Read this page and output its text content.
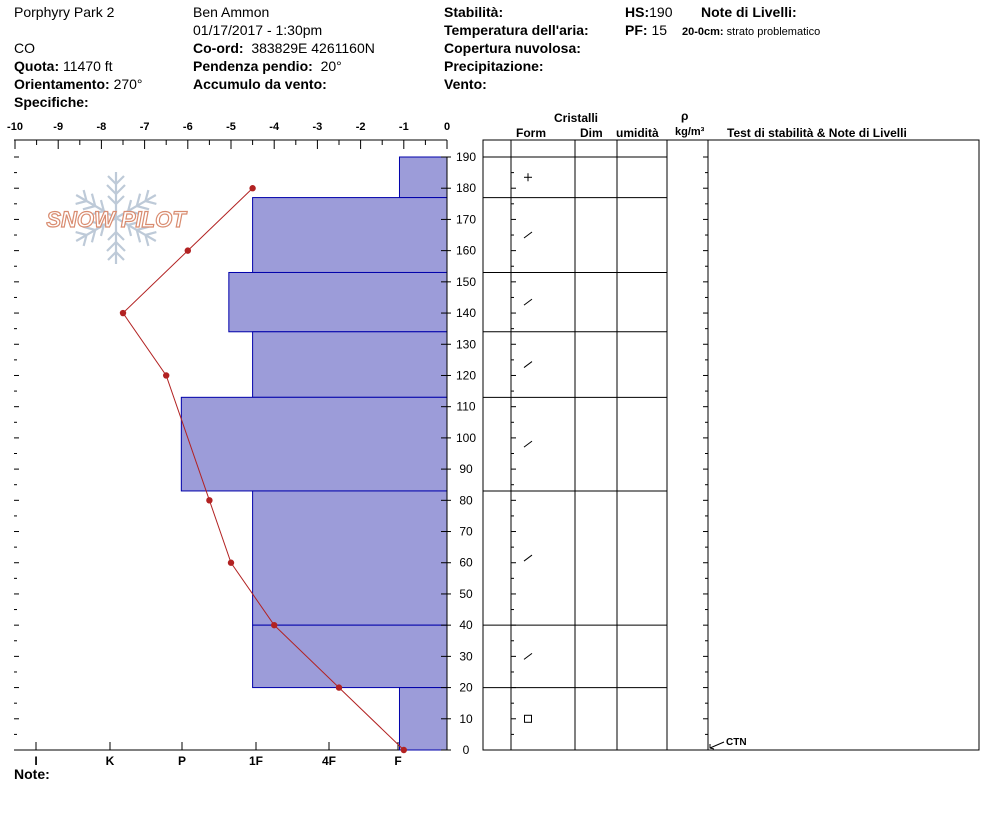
Porphyry Park 2
CO
Quota: 11470 ft
Orientamento: 270°
Specifiche:
Ben Ammon
01/17/2017 - 1:30pm
Co-ord: 383829E 4261160N
Pendenza pendio: 20°
Accumulo da vento:
Stabilità:
Temperatura dell'aria:
Copertura nuvolosa:
Precipitazione:
Vento:
HS:190
PF: 15
Note di Livelli:
20-0cm: strato problematico
Cristalli
Form	Dim umidità
ρ
kg/m³ Test di stabilità & Note di Livelli
Note:
SNOW PILOT
-10	-9	-8	-7	-6	-5	-4	-3	-2	-1	0
0
10
20
30
40
50
60
70
80
90
100
110
120
130
140
150
160
170
180
190
I	K	P	1F	4F	F
CTN
